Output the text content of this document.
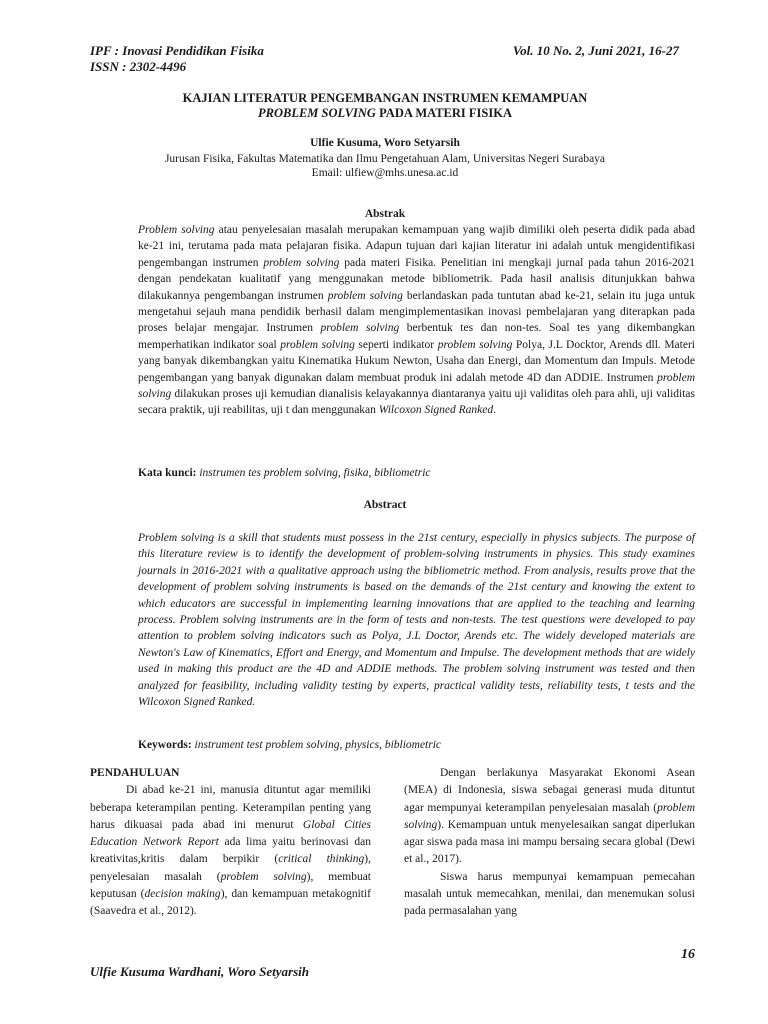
IPF : Inovasi Pendidikan Fisika	Vol. 10 No. 2, Juni 2021, 16-27
ISSN : 2302-4496
KAJIAN LITERATUR PENGEMBANGAN INSTRUMEN KEMAMPUAN
PROBLEM SOLVING PADA MATERI FISIKA
Ulfie Kusuma, Woro Setyarsih
Jurusan Fisika, Fakultas Matematika dan Ilmu Pengetahuan Alam, Universitas Negeri Surabaya
Email: ulfiew@mhs.unesa.ac.id
Abstrak
Problem solving atau penyelesaian masalah merupakan kemampuan yang wajib dimiliki oleh peserta didik pada abad ke-21 ini, terutama pada mata pelajaran fisika. Adapun tujuan dari kajian literatur ini adalah untuk mengidentifikasi pengembangan instrumen problem solving pada materi Fisika. Penelitian ini mengkaji jurnal pada tahun 2016-2021 dengan pendekatan kualitatif yang menggunakan metode bibliometrik. Pada hasil analisis ditunjukkan bahwa dilakukannya pengembangan instrumen problem solving berlandaskan pada tuntutan abad ke-21, selain itu juga untuk mengetahui sejauh mana pendidik berhasil dalam mengimplementasikan inovasi pembelajaran yang diterapkan pada proses belajar mengajar. Instrumen problem solving berbentuk tes dan non-tes. Soal tes yang dikembangkan memperhatikan indikator soal problem solving seperti indikator problem solving Polya, J.L Docktor, Arends dll. Materi yang banyak dikembangkan yaitu Kinematika Hukum Newton, Usaha dan Energi, dan Momentum dan Impuls. Metode pengembangan yang banyak digunakan dalam membuat produk ini adalah metode 4D dan ADDIE. Instrumen problem solving dilakukan proses uji kemudian dianalisis kelayakannya diantaranya yaitu uji validitas oleh para ahli, uji validitas secara praktik, uji reabilitas, uji t dan menggunakan Wilcoxon Signed Ranked.
Kata kunci: instrumen tes problem solving, fisika, bibliometric
Abstract
Problem solving is a skill that students must possess in the 21st century, especially in physics subjects. The purpose of this literature review is to identify the development of problem-solving instruments in physics. This study examines journals in 2016-2021 with a qualitative approach using the bibliometric method. From analysis, results prove that the development of problem solving instruments is based on the demands of the 21st century and knowing the extent to which educators are successful in implementing learning innovations that are applied to the teaching and learning process. Problem solving instruments are in the form of tests and non-tests. The test questions were developed to pay attention to problem solving indicators such as Polya, J.L Doctor, Arends etc. The widely developed materials are Newton's Law of Kinematics, Effort and Energy, and Momentum and Impulse. The development methods that are widely used in making this product are the 4D and ADDIE methods. The problem solving instrument was tested and then analyzed for feasibility, including validity testing by experts, practical validity tests, reliability tests, t tests and the Wilcoxon Signed Ranked.
Keywords: instrument test problem solving, physics, bibliometric

PENDAHULUAN

Di abad ke-21 ini, manusia dituntut agar memiliki beberapa keterampilan penting. Keterampilan penting yang harus dikuasai pada abad ini menurut Global Cities Education Network Report ada lima yaitu berinovasi dan kreativitas,kritis dalam berpikir (critical thinking), penyelesaian masalah (problem solving), membuat keputusan (decision making), dan kemampuan metakognitif (Saavedra et al., 2012).

Dengan berlakunya Masyarakat Ekonomi Asean (MEA) di Indonesia, siswa sebagai generasi muda dituntut agar mempunyai keterampilan penyelesaian masalah (problem solving). Kemampuan untuk menyelesaikan sangat diperlukan agar siswa pada masa ini mampu bersaing secara global (Dewi et al., 2017).

Siswa harus mempunyai kemampuan pemecahan masalah untuk memecahkan, menilai, dan menemukan solusi pada permasalahan yang

16
Ulfie Kusuma Wardhani, Woro Setyarsih
